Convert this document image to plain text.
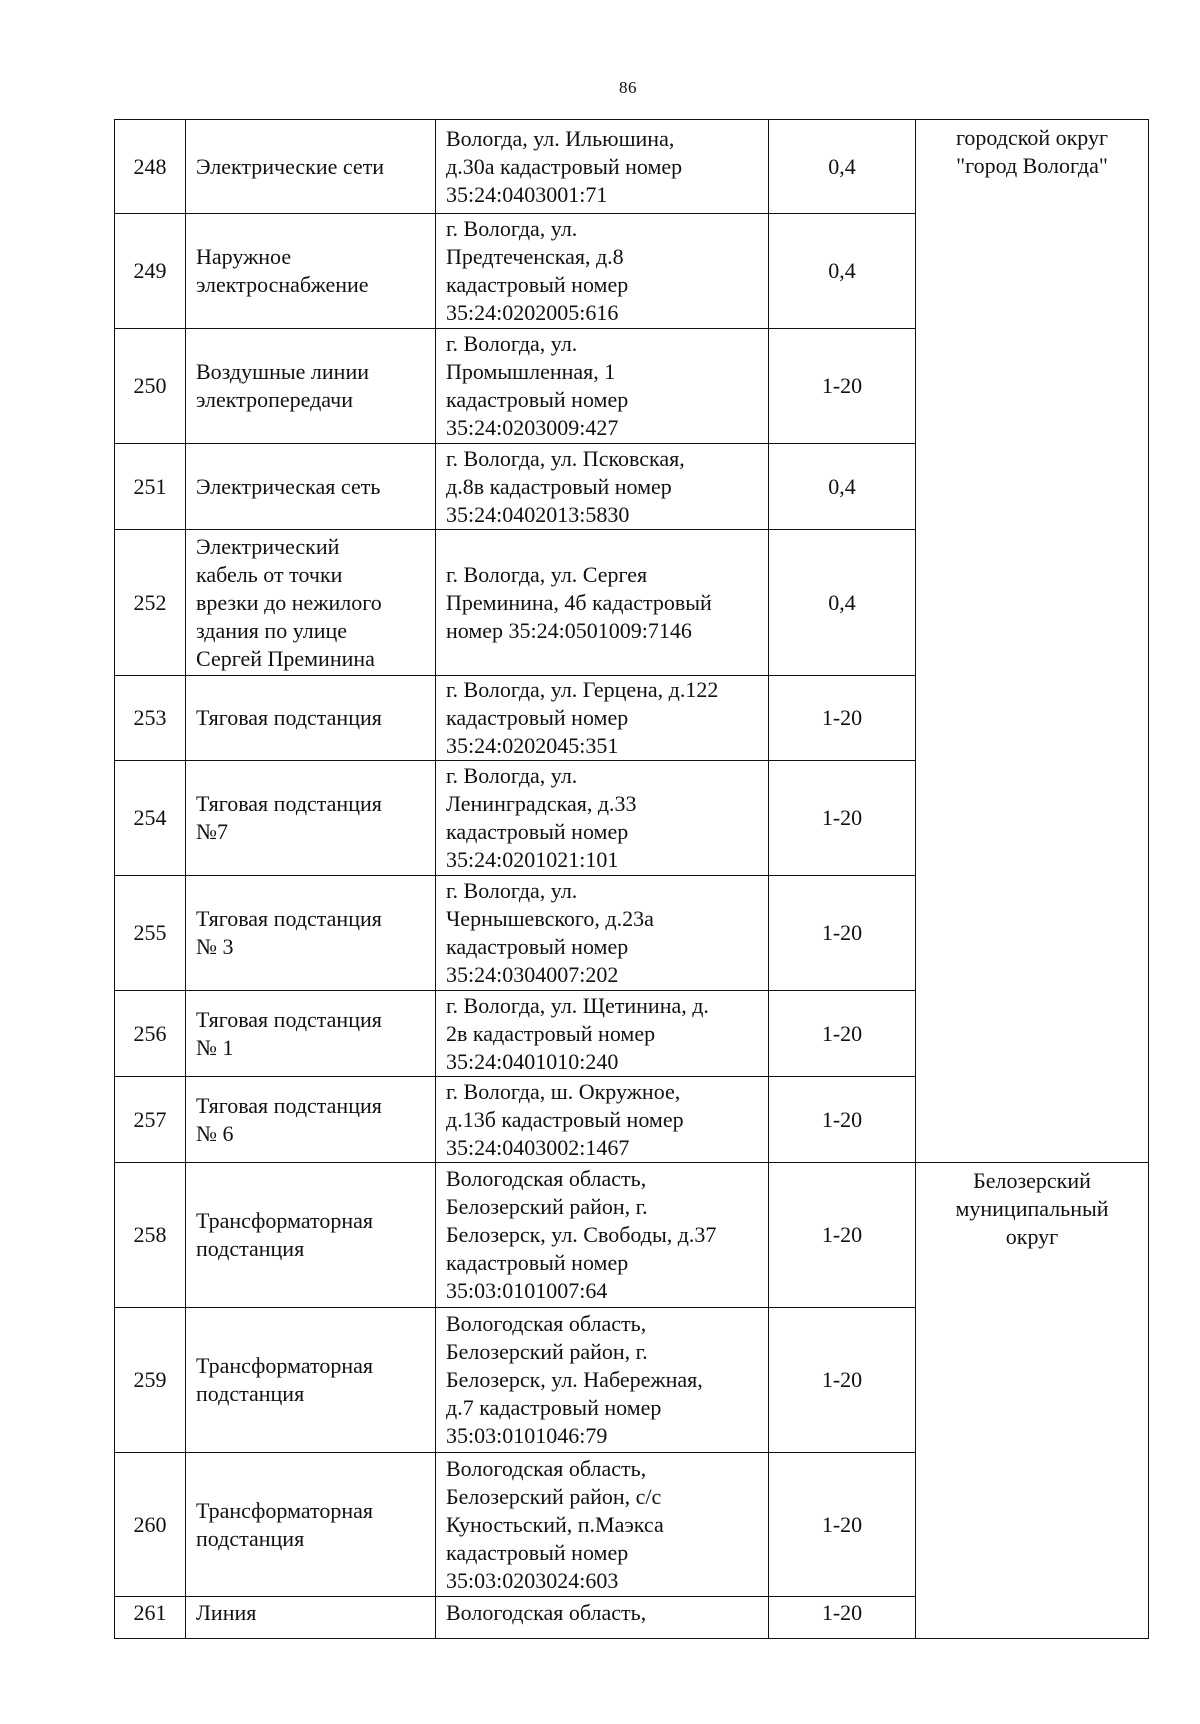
86
248	Электрические сети	Вологда, ул. Ильюшина,
д.30а кадастровый номер
35:24:0403001:71	0,4	городской округ
"город Вологда"

249	Наружное
электроснабжение	г. Вологда, ул.
Предтеченская, д.8
кадастровый номер
35:24:0202005:616	0,4	

250	Воздушные линии
электропередачи	г. Вологда, ул.
Промышленная, 1
кадастровый номер
35:24:0203009:427	1-20	

251	Электрическая сеть	г. Вологда, ул. Псковская,
д.8в кадастровый номер
35:24:0402013:5830	0,4	

252	Электрический
кабель от точки
врезки до нежилого
здания по улице
Сергей Преминина	г. Вологда, ул. Сергея
Преминина, 4б кадастровый
номер 35:24:0501009:7146	0,4	

253	Тяговая подстанция	г. Вологда, ул. Герцена, д.122
кадастровый номер
35:24:0202045:351	1-20	

254	Тяговая подстанция
№7	г. Вологда, ул.
Ленинградская, д.33
кадастровый номер
35:24:0201021:101	1-20	

255	Тяговая подстанция
№ 3	г. Вологда, ул.
Чернышевского, д.23а
кадастровый номер
35:24:0304007:202	1-20	

256	Тяговая подстанция
№ 1	г. Вологда, ул. Щетинина, д.
2в кадастровый номер
35:24:0401010:240	1-20	

257	Тяговая подстанция
№ 6	г. Вологда, ш. Окружное,
д.13б кадастровый номер
35:24:0403002:1467	1-20	

258	Трансформаторная
подстанция	Вологодская область,
Белозерский район, г.
Белозерск, ул. Свободы, д.37
кадастровый номер
35:03:0101007:64	1-20	Белозерский
муниципальный
округ

259	Трансформаторная
подстанция	Вологодская область,
Белозерский район, г.
Белозерск, ул. Набережная,
д.7 кадастровый номер
35:03:0101046:79	1-20	

260	Трансформаторная
подстанция	Вологодская область,
Белозерский район, с/с
Куностьский, п.Маэкса
кадастровый номер
35:03:0203024:603	1-20	

261	Линия	Вологодская область,	1-20	
